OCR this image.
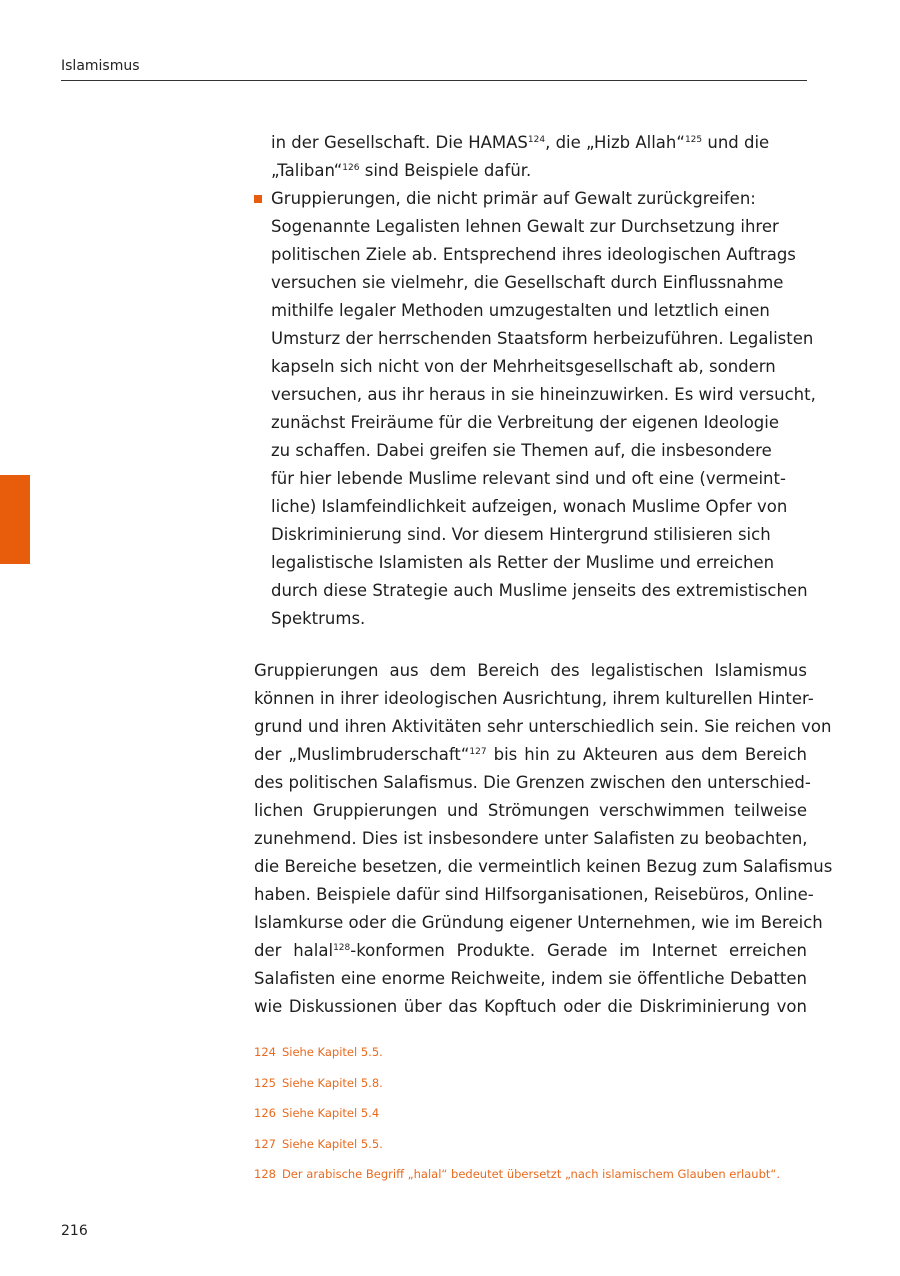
Islamismus
in der Gesellschaft. Die HAMAS$^{124}$, die „Hizb Allah“$^{125}$ und die
„Taliban“$^{126}$ sind Beispiele dafür.
Gruppierungen, die nicht primär auf Gewalt zurückgreifen:
Sogenannte Legalisten lehnen Gewalt zur Durchsetzung ihrer
politischen Ziele ab. Entsprechend ihres ideologischen Auftrags
versuchen sie vielmehr, die Gesellschaft durch Einflussnahme
mithilfe legaler Methoden umzugestalten und letztlich einen
Umsturz der herrschenden Staatsform herbeizuführen. Legalisten
kapseln sich nicht von der Mehrheitsgesellschaft ab, sondern
versuchen, aus ihr heraus in sie hineinzuwirken. Es wird versucht,
zunächst Freiräume für die Verbreitung der eigenen Ideologie
zu schaffen. Dabei greifen sie Themen auf, die insbesondere
für hier lebende Muslime relevant sind und oft eine (vermeint-
liche) Islamfeindlichkeit aufzeigen, wonach Muslime Opfer von
Diskriminierung sind. Vor diesem Hintergrund stilisieren sich
legalistische Islamisten als Retter der Muslime und erreichen
durch diese Strategie auch Muslime jenseits des extremistischen
Spektrums.
Gruppierungen aus dem Bereich des legalistischen Islamismus
können in ihrer ideologischen Ausrichtung, ihrem kulturellen Hinter-
grund und ihren Aktivitäten sehr unterschiedlich sein. Sie reichen von
der „Muslimbruderschaft“$^{127}$ bis hin zu Akteuren aus dem Bereich
des politischen Salafismus. Die Grenzen zwischen den unterschied-
lichen Gruppierungen und Strömungen verschwimmen teilweise
zunehmend. Dies ist insbesondere unter Salafisten zu beobachten,
die Bereiche besetzen, die vermeintlich keinen Bezug zum Salafismus
haben. Beispiele dafür sind Hilfsorganisationen, Reisebüros, Online-
Islamkurse oder die Gründung eigener Unternehmen, wie im Bereich
der halal$^{128}$-konformen Produkte. Gerade im Internet erreichen
Salafisten eine enorme Reichweite, indem sie öffentliche Debatten
wie Diskussionen über das Kopftuch oder die Diskriminierung von
124 Siehe Kapitel 5.5.
125 Siehe Kapitel 5.8.
126 Siehe Kapitel 5.4
127 Siehe Kapitel 5.5.
128 Der arabische Begriff „halal“ bedeutet übersetzt „nach islamischem Glauben erlaubt“.
216
